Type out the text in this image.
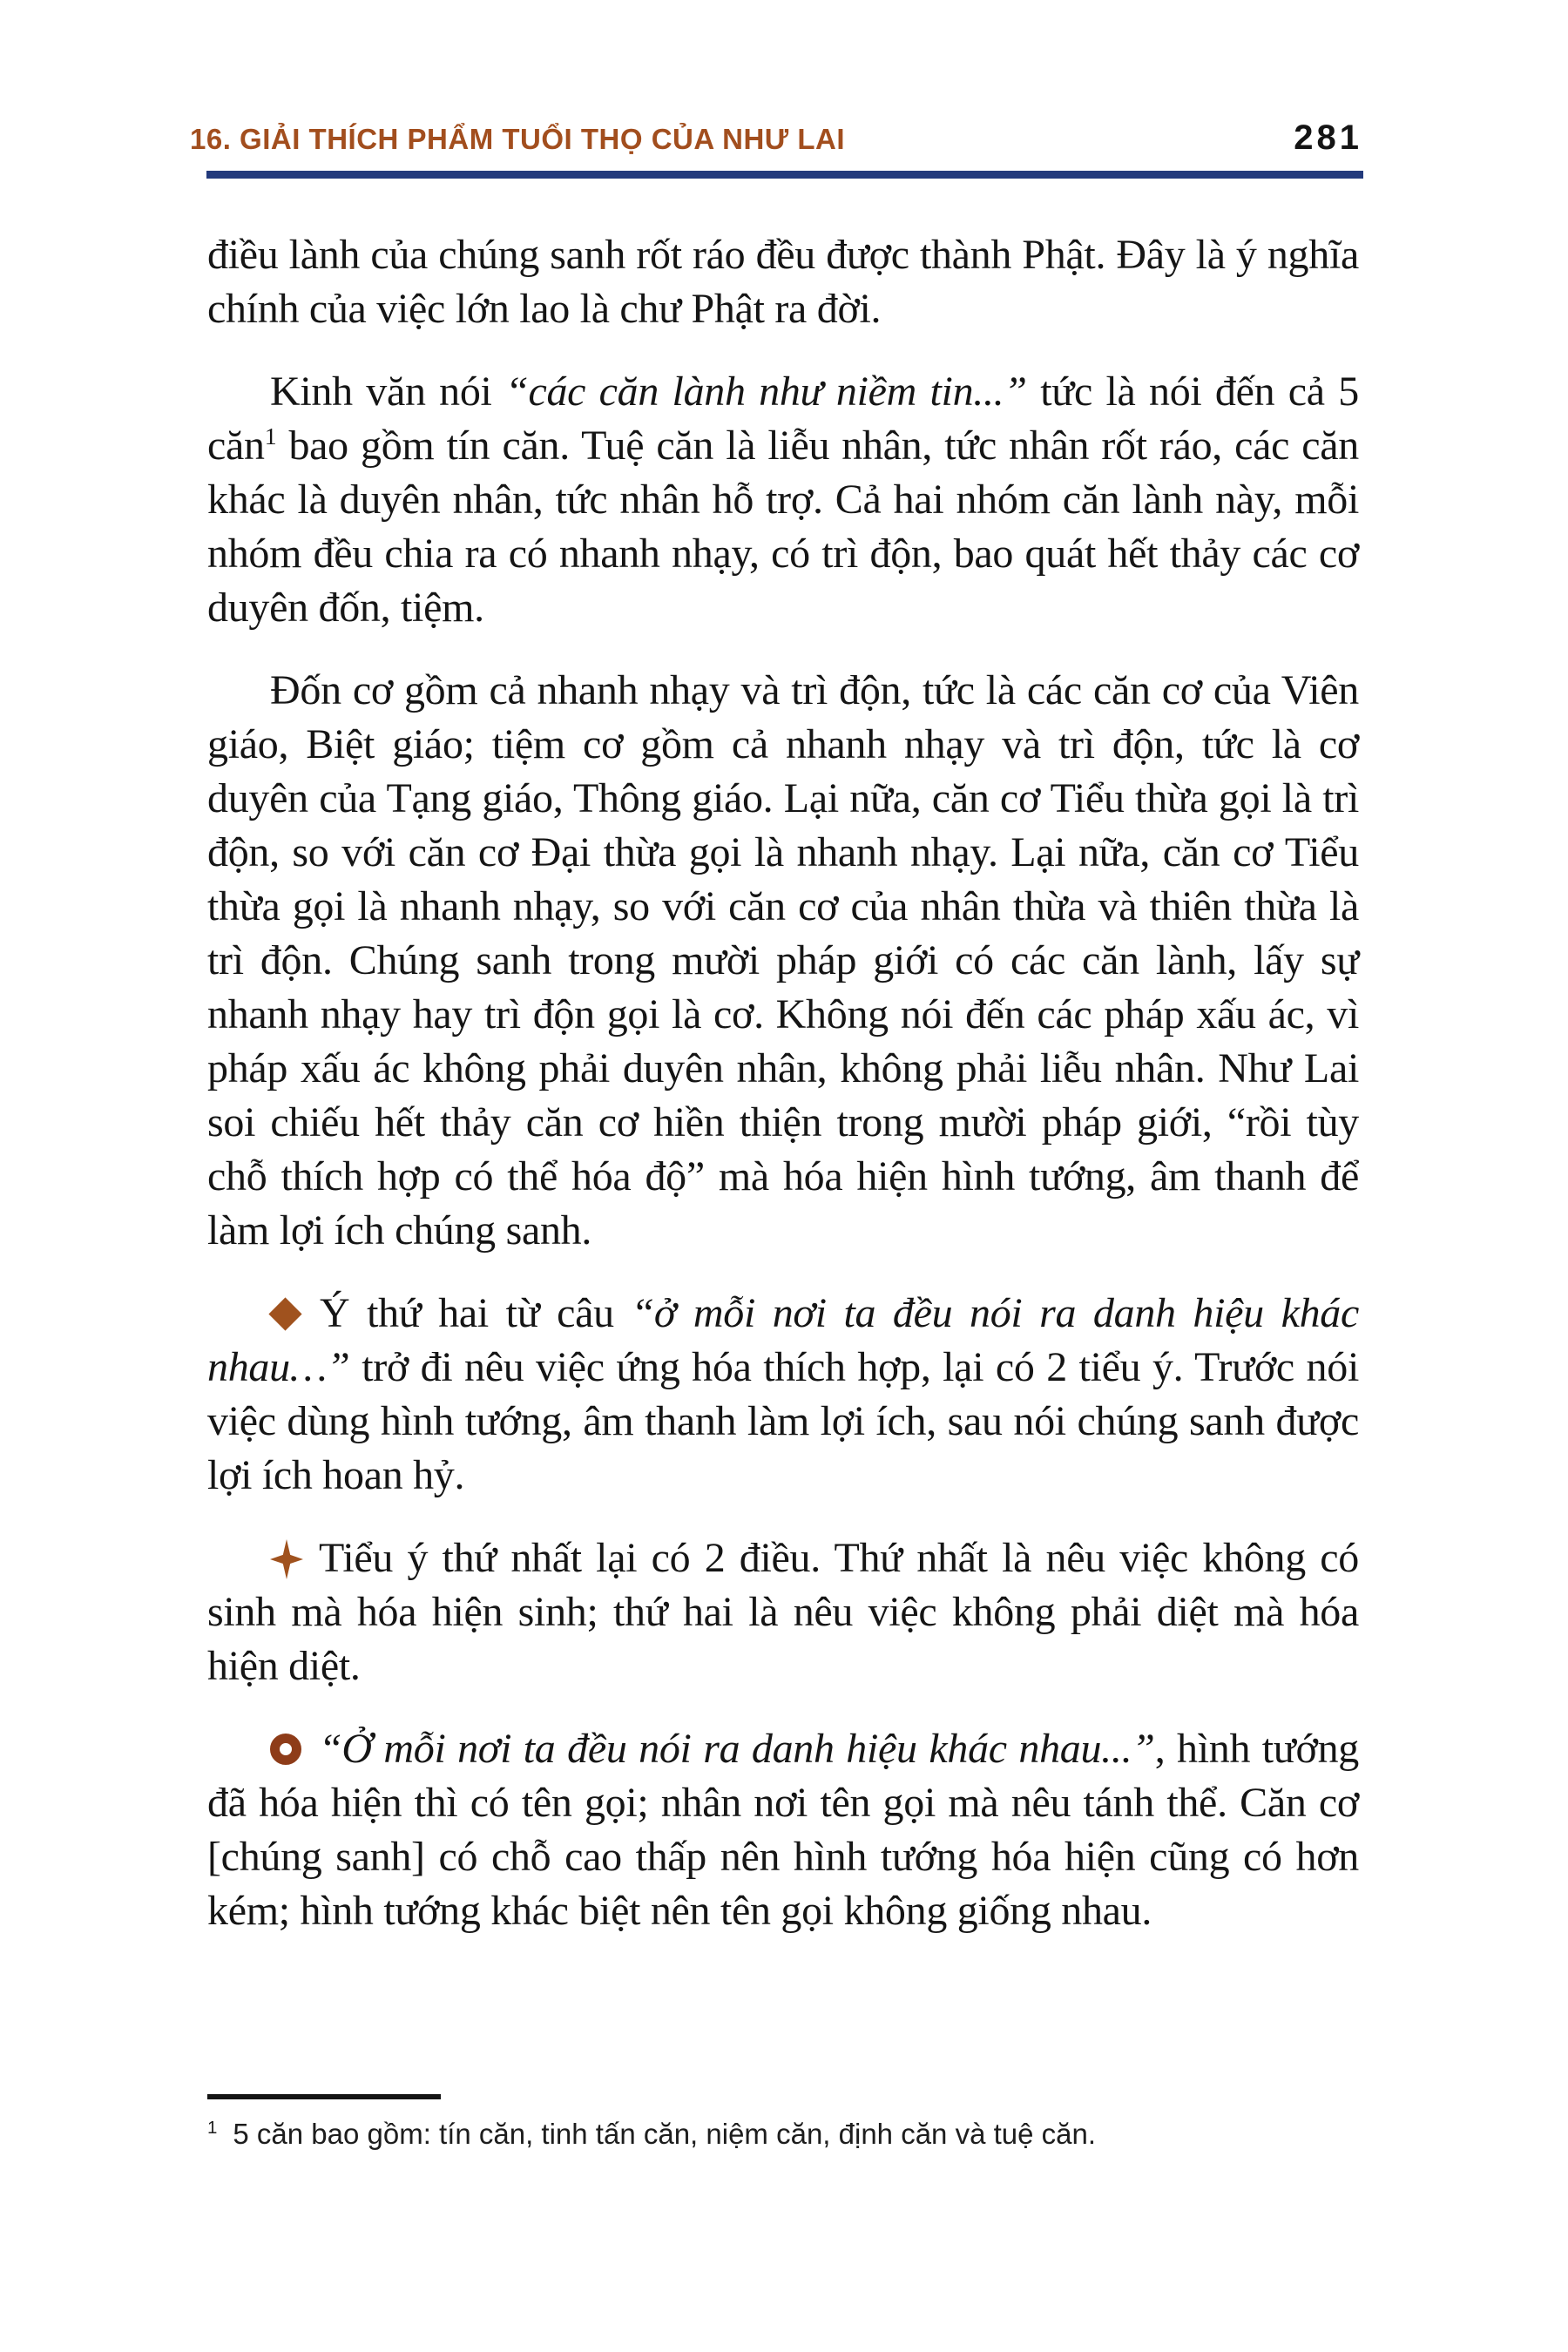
16. GIẢI THÍCH PHẨM TUỔI THỌ CỦA NHƯ LAI	281

điều lành của chúng sanh rốt ráo đều được thành Phật. Đây là ý nghĩa chính của việc lớn lao là chư Phật ra đời.

Kinh văn nói “các căn lành như niềm tin...” tức là nói đến cả 5 căn$^1$ bao gồm tín căn. Tuệ căn là liễu nhân, tức nhân rốt ráo, các căn khác là duyên nhân, tức nhân hỗ trợ. Cả hai nhóm căn lành này, mỗi nhóm đều chia ra có nhanh nhạy, có trì độn, bao quát hết thảy các cơ duyên đốn, tiệm.

Đốn cơ gồm cả nhanh nhạy và trì độn, tức là các căn cơ của Viên giáo, Biệt giáo; tiệm cơ gồm cả nhanh nhạy và trì độn, tức là cơ duyên của Tạng giáo, Thông giáo. Lại nữa, căn cơ Tiểu thừa gọi là trì độn, so với căn cơ Đại thừa gọi là nhanh nhạy. Lại nữa, căn cơ Tiểu thừa gọi là nhanh nhạy, so với căn cơ của nhân thừa và thiên thừa là trì độn. Chúng sanh trong mười pháp giới có các căn lành, lấy sự nhanh nhạy hay trì độn gọi là cơ. Không nói đến các pháp xấu ác, vì pháp xấu ác không phải duyên nhân, không phải liễu nhân. Như Lai soi chiếu hết thảy căn cơ hiền thiện trong mười pháp giới, “rồi tùy chỗ thích hợp có thể hóa độ” mà hóa hiện hình tướng, âm thanh để làm lợi ích chúng sanh.

Ý thứ hai từ câu “ở mỗi nơi ta đều nói ra danh hiệu khác nhau…” trở đi nêu việc ứng hóa thích hợp, lại có 2 tiểu ý. Trước nói việc dùng hình tướng, âm thanh làm lợi ích, sau nói chúng sanh được lợi ích hoan hỷ.

Tiểu ý thứ nhất lại có 2 điều. Thứ nhất là nêu việc không có sinh mà hóa hiện sinh; thứ hai là nêu việc không phải diệt mà hóa hiện diệt.

“Ở mỗi nơi ta đều nói ra danh hiệu khác nhau...”, hình tướng đã hóa hiện thì có tên gọi; nhân nơi tên gọi mà nêu tánh thể. Căn cơ [chúng sanh] có chỗ cao thấp nên hình tướng hóa hiện cũng có hơn kém; hình tướng khác biệt nên tên gọi không giống nhau.

$^1$ 5 căn bao gồm: tín căn, tinh tấn căn, niệm căn, định căn và tuệ căn.
